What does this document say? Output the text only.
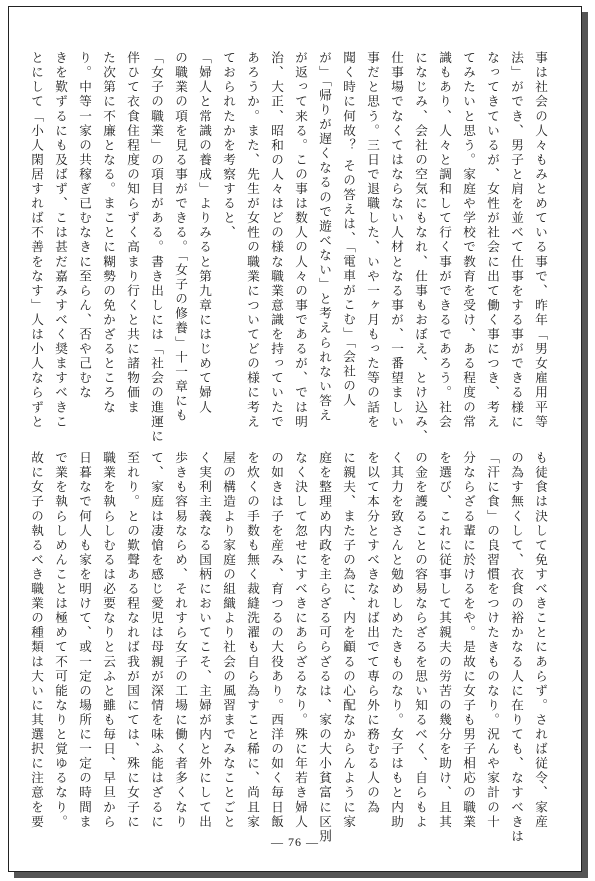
事は社会の人々もみとめている事で、昨年「男女雇用平等
法」ができ、男子と肩を並べて仕事をする事ができる様に
なってきているが、女性が社会に出て働く事につき、考え
てみたいと思う。家庭や学校で教育を受け、ある程度の常
識もあり、人々と調和して行く事ができるであろう。社会
になじみ、会社の空気にもなれ、仕事もおぼえ、とけ込み、
仕事場でなくてはならない人材となる事が、一番望ましい
事だと思う。三日で退職した、いや一ヶ月もった等の話を
聞く時に何故？ その答えは、「電車がこむ」「会社の人
が」「帰りが遅くなるので遊べない」と考えられない答え
が返って来る。この事は数人の人々の事であるが、では明
治、大正、昭和の人々はどの様な職業意識を持っていたで
あろうか。また、先生が女性の職業についてどの様に考え
ておられたかを考察すると、
「婦人と常識の養成」よりみると第九章にはじめて婦人
の職業の項を見る事ができる。「女子の修養」十一章にも
「女子の職業」の項目がある。書き出しには「社会の進運に
伴ひて衣食住程度の知らずく高まり行くと共に諸物価ま
た次第に不廉となる。まことに糊勢の免かざるところな
り。中等一家の共稼ぎ已むなきに至らん、否や己むな
きを歎ずるにも及ばず、こは甚だ嘉みすべく奨ますべきこ
とにして「小人閑居すれば不善をなす」人は小人ならずと
も徒食は決して免すべきことにあらず。されば従令、家産
の為す無くして、衣食の裕かなる人に在りても、なすべきは
「汗に食」の良習慣をつけたきものなり。況んや家計の十
分ならざる輩に於けるをや。是故に女子も男子相応の職業
を選び、これに従事して其親夫の労苦の幾分を助け、且其
の金を護ることの容易ならざるを思い知るべく、自らもよ
く其力を致さんと勉めしめたきものなり。女子はもと内助
を以て本分とすべきなれば出でて専ら外に務むる人の為
に親夫、また子の為に、内を顧るの心配なからんように家
庭を整理め内政を主らざる可らざるは、家の大小貧富に区別
なく決して忽せにすべきにあらざるなり。殊に年若き婦人
の如きは子を産み、育つるの大役あり。西洋の如く毎日飯
を炊くの手数も無く裁縫洗濯も自ら為すこと稀に、尚且家
屋の構造より家庭の組織より社会の風習までみなことごと
く実利主義なる国柄においてこそ、主婦が内と外にして出
歩きも容易ならめ、それすら女子の工場に働く者多くなり
て、家庭は凄愴を感じ愛児は母親が深情を味ふ能はざるに
至れり。との歎聲ある程なれば我が国にては、殊に女子に
職業を執らしむるは必要なりと云ふと雖も毎日、早旦から
日暮なで何人も家を明けて、或一定の場所に一定の時間ま
で業を執らしめんことは極めて不可能なりと覚ゆるなり。
故に女子の執るべき職業の種類は大いに其選択に注意を要
— 76 —
